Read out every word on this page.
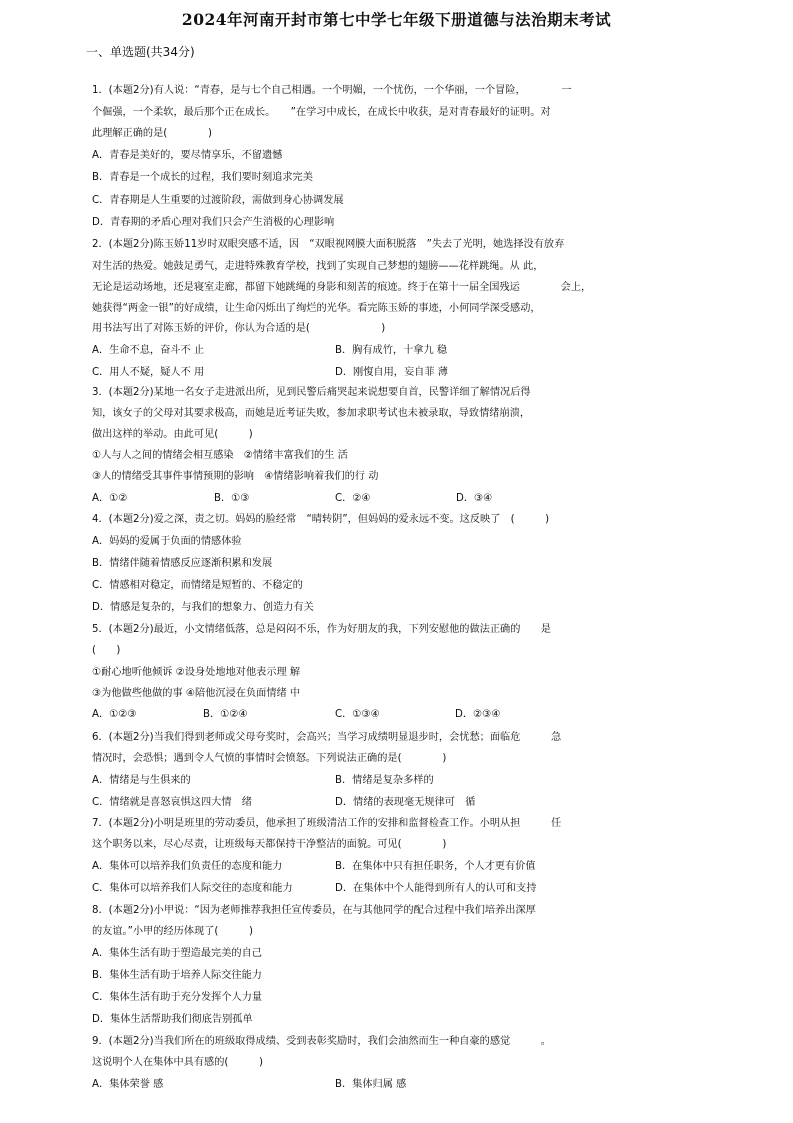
2024年河南开封市第七中学七年级下册道德与法治期末考试
一、单选题(共34分)
1．(本题2分)有人说：“青春，是与七个自己相遇。一个明媚，一个忧伤，一个华丽，一个冒险，　　　　一
个倔强，一个柔软，最后那个正在成长。　　”在学习中成长，在成长中收获，是对青春最好的证明。对
此理解正确的是(　　　　)
A．青春是美好的，要尽情享乐，不留遗憾
B．青春是一个成长的过程，我们要时刻追求完美
C．青春期是人生重要的过渡阶段，需做到身心协调发展
D．青春期的矛盾心理对我们只会产生消极的心理影响
2．(本题2分)陈玉娇11岁时双眼突感不适，因　“双眼视网膜大面积脱落　”失去了光明，她选择没有放弃
对生活的热爱。她鼓足勇气，走进特殊教育学校，找到了实现自己梦想的翅膀——花样跳绳。从 此，
无论是运动场地，还是寝室走廊，都留下她跳绳的身影和刻苦的痕迹。终于在第十一届全国残运　　　　会上，
她获得“两金一银”的好成绩，让生命闪烁出了绚烂的光华。看完陈玉娇的事迹，小何同学深受感动，
用书法写出了对陈玉娇的评价，你认为合适的是(　　　　　　　)
A．生命不息，奋斗不 止	B．胸有成竹，十拿九 稳
C．用人不疑，疑人不 用	D．刚愎自用，妄自菲 薄
3．(本题2分)某地一名女子走进派出所，见到民警后痛哭起来说想要自首，民警详细了解情况后得
知，该女子的父母对其要求极高，而她是近考证失败，参加求职考试也未被录取，导致情绪崩溃，
做出这样的举动。由此可见(　　　)
①人与人之间的情绪会相互感染　②情绪丰富我们的生 活
③人的情绪受其事件事情预期的影响　④情绪影响着我们的行 动
A．①②	B．①③	C．②④	D．③④
4．(本题2分)爱之深，责之切。妈妈的脸经常　“晴转阴”，但妈妈的爱永远不变。这反映了　(　　　)
A．妈妈的爱属于负面的情感体验
B．情绪伴随着情感反应逐渐积累和发展
C．情感相对稳定，而情绪是短暂的、不稳定的
D．情感是复杂的，与我们的想象力、创造力有关
5．(本题2分)最近，小文情绪低落，总是闷闷不乐，作为好朋友的我，下列安慰他的做法正确的　　是
(　　)
①耐心地听他倾诉 ②设身处地地对他表示理 解
③为他做些他做的事 ④陪他沉浸在负面情绪 中
A．①②③	B．①②④	C．①③④	D．②③④
6．(本题2分)当我们得到老师或父母夸奖时，会高兴；当学习成绩明显退步时，会忧愁；面临危　　　急
情况时，会恐惧；遇到令人气愤的事情时会愤怒。下列说法正确的是(　　　　)
A．情绪是与生俱来的	B．情绪是复杂多样的
C．情绪就是喜怒哀惧这四大情　绪	D．情绪的表现毫无规律可　循
7．(本题2分)小明是班里的劳动委员，他承担了班级清洁工作的安排和监督检查工作。小明从担　　　任
这个职务以来，尽心尽责，让班级每天都保持干净整洁的面貌。可见(　　　　)
A．集体可以培养我们负责任的态度和能力	B．在集体中只有担任职务，个人才更有价值
C．集体可以培养我们人际交往的态度和能力	D．在集体中个人能得到所有人的认可和支持
8．(本题2分)小甲说：“因为老师推荐我担任宣传委员，在与其他同学的配合过程中我们培养出深厚
的友谊。”小甲的经历体现了(　　　)
A．集体生活有助于塑造最完美的自己
B．集体生活有助于培养人际交往能力
C．集体生活有助于充分发挥个人力量
D．集体生活帮助我们彻底告别孤单
9．(本题2分)当我们所在的班级取得成绩、受到表彰奖励时，我们会油然而生一种自豪的感觉　　　。
这说明个人在集体中具有感的(　　　)
A．集体荣誉 感	B．集体归属 感
